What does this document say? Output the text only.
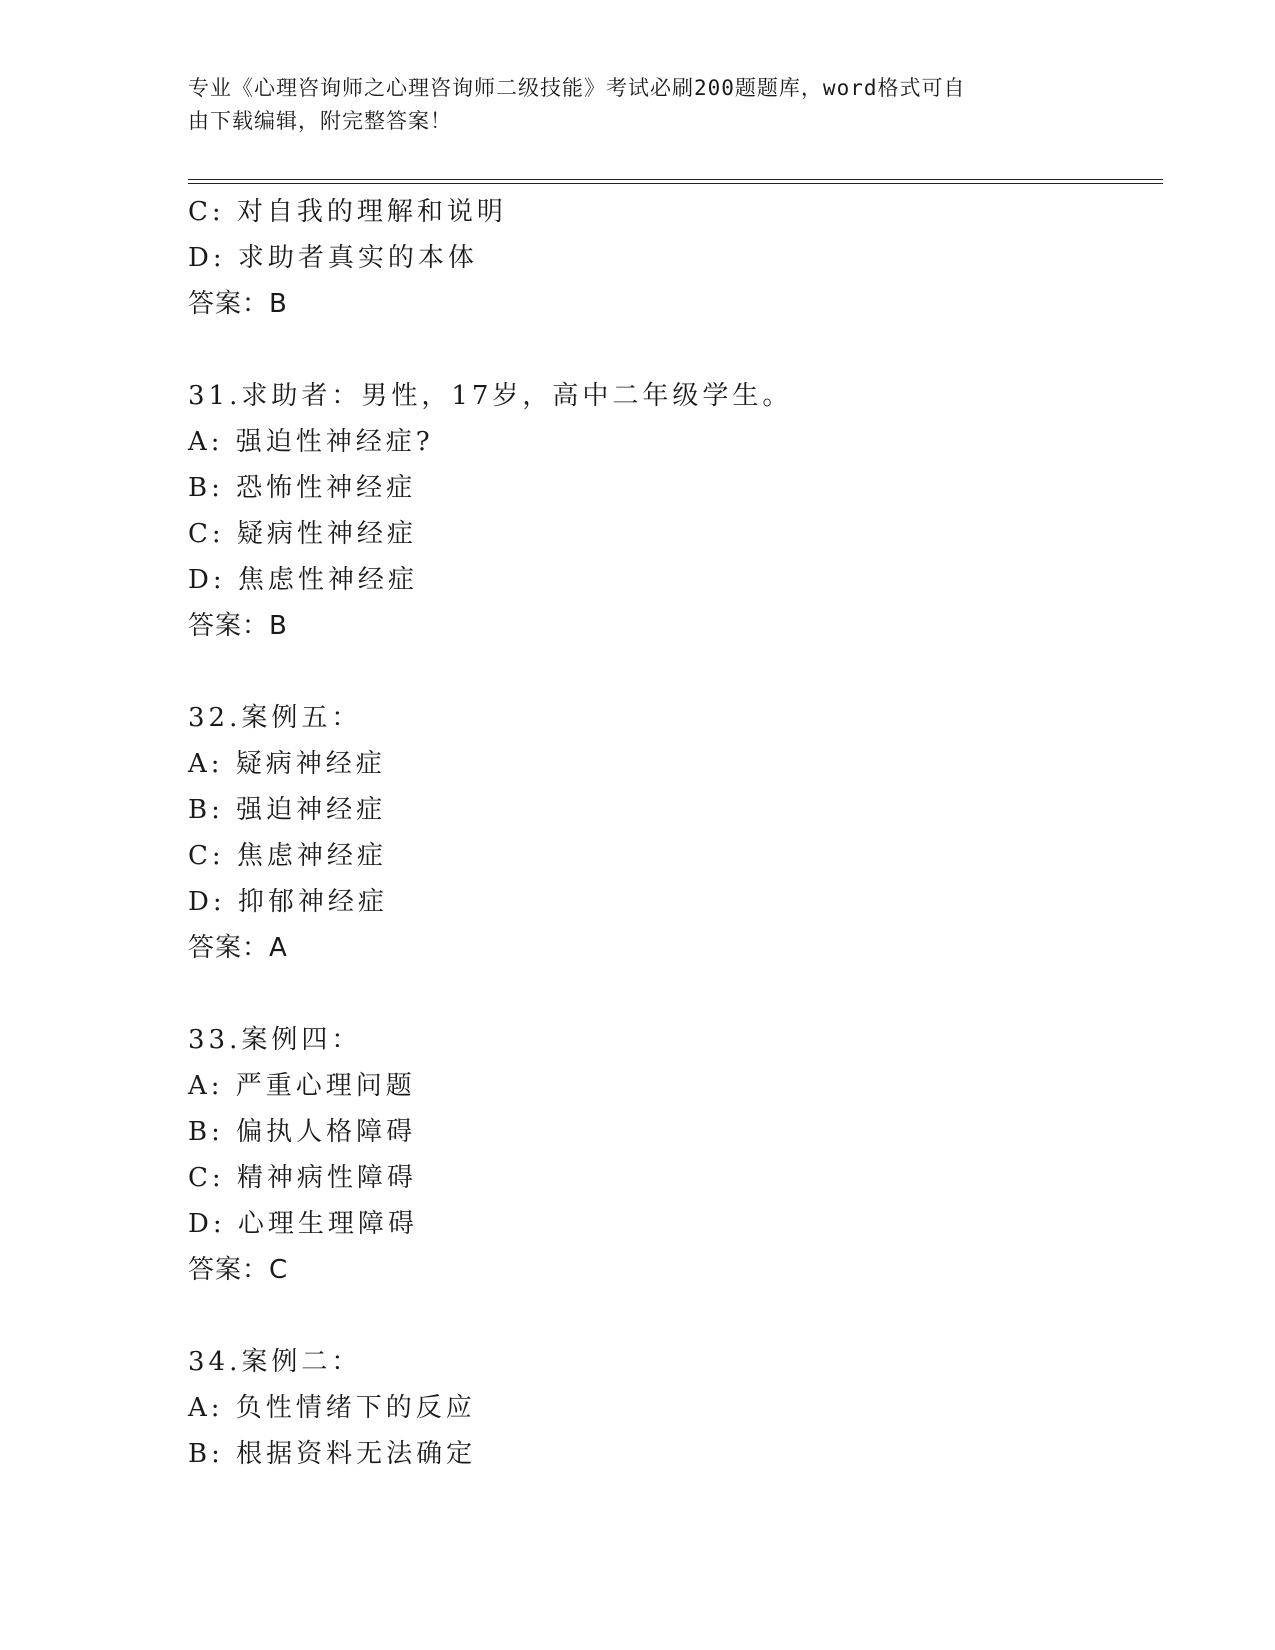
专业《心理咨询师之心理咨询师二级技能》考试必刷200题题库，word格式可自
由下载编辑，附完整答案！
C: 对自我的理解和说明
D: 求助者真实的本体
答案：B
31.求助者：男性，17岁，高中二年级学生。
A: 强迫性神经症?
B: 恐怖性神经症
C: 疑病性神经症
D: 焦虑性神经症
答案：B
32.案例五：
A: 疑病神经症
B: 强迫神经症
C: 焦虑神经症
D: 抑郁神经症
答案：A
33.案例四：
A: 严重心理问题
B: 偏执人格障碍
C: 精神病性障碍
D: 心理生理障碍
答案：C
34.案例二：
A: 负性情绪下的反应
B: 根据资料无法确定
